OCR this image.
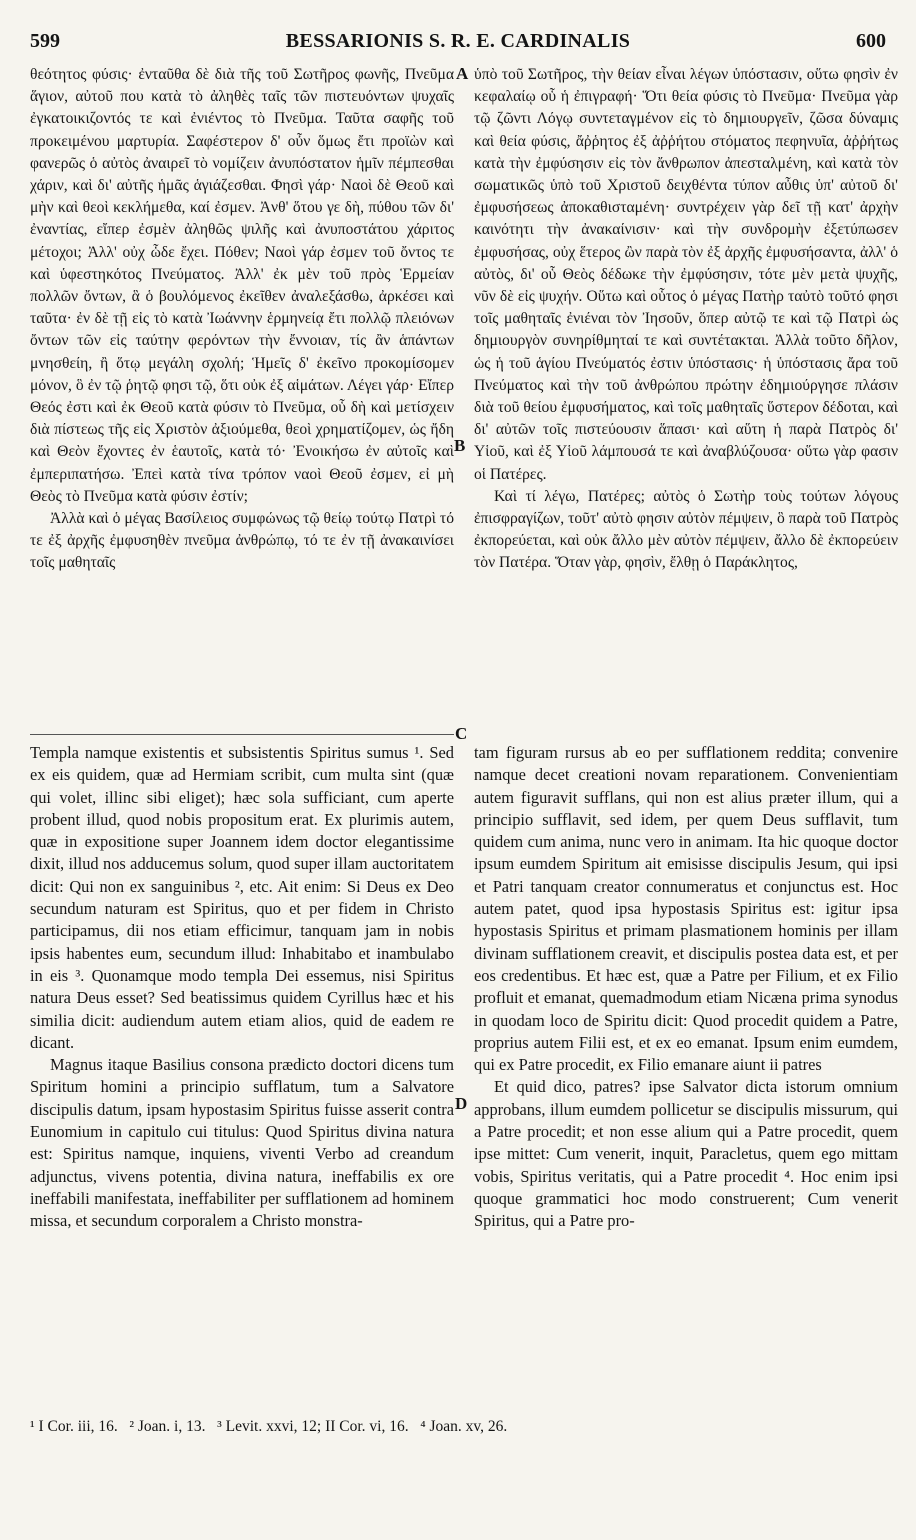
599	BESSARIONIS S. R. E. CARDINALIS	600

θεότητος φύσις· ἐνταῦθα δὲ διὰ τῆς τοῦ Σωτῆρος φωνῆς, Πνεῦμα ἅγιον, αὐτοῦ που κατὰ τὸ ἀληθὲς ταῖς τῶν πιστευόντων ψυχαῖς ἐγκατοικιζοντός τε καὶ ἐνιέντος τὸ Πνεῦμα. Ταῦτα σαφῆς τοῦ προκειμένου μαρτυρία. Σαφέστερον δ' οὖν ὅμως ἔτι προϊὼν καὶ φανερῶς ὁ αὐτὸς ἀναιρεῖ τὸ νομίζειν ἀνυπόστατον ἡμῖν πέμπεσθαι χάριν, καὶ δι' αὐτῆς ἡμᾶς ἁγιάζεσθαι. Φησὶ γάρ· Ναοὶ δὲ Θεοῦ καὶ μὴν καὶ θεοὶ κεκλήμεθα, καί ἐσμεν. Ἀνθ' ὅτου γε δὴ, πύθου τῶν δι' ἐναντίας, εἴπερ ἐσμὲν ἀληθῶς ψιλῆς καὶ ἀνυποστάτου χάριτος μέτοχοι; Ἀλλ' οὐχ ὧδε ἔχει. Πόθεν; Ναοὶ γάρ ἐσμεν τοῦ ὄντος τε καὶ ὑφεστηκότος Πνεύματος. Ἀλλ' ἐκ μὲν τοῦ πρὸς Ἑρμείαν πολλῶν ὄντων, ἃ ὁ βουλόμενος ἐκεῖθεν ἀναλεξάσθω, ἀρκέσει καὶ ταῦτα· ἐν δὲ τῇ εἰς τὸ κατὰ Ἰωάννην ἑρμηνείᾳ ἔτι πολλῷ πλειόνων ὄντων τῶν εἰς ταύτην φερόντων τὴν ἔννοιαν, τίς ἂν ἁπάντων μνησθείη, ἢ ὅτῳ μεγάλη σχολή; Ἡμεῖς δ' ἐκεῖνο προκομίσομεν μόνον, ὃ ἐν τῷ ῥητῷ φησι τῷ, ὅτι οὐκ ἐξ αἱμάτων. Λέγει γάρ· Εἴπερ Θεός ἐστι καὶ ἐκ Θεοῦ κατὰ φύσιν τὸ Πνεῦμα, οὗ δὴ καὶ μετίσχειν διὰ πίστεως τῆς εἰς Χριστὸν ἀξιούμεθα, θεοὶ χρηματίζομεν, ὡς ἤδη καὶ Θεὸν ἔχοντες ἐν ἑαυτοῖς, κατὰ τό· Ἐνοικήσω ἐν αὐτοῖς καὶ ἐμπεριπατήσω. Ἐπεὶ κατὰ τίνα τρόπον ναοὶ Θεοῦ ἐσμεν, εἰ μὴ Θεὸς τὸ Πνεῦμα κατὰ φύσιν ἐστίν;

Ἀλλὰ καὶ ὁ μέγας Βασίλειος συμφώνως τῷ θείῳ τούτῳ Πατρὶ τό τε ἐξ ἀρχῆς ἐμφυσηθὲν πνεῦμα ἀνθρώπῳ, τό τε ἐν τῇ ἀνακαινίσει τοῖς μαθηταῖς

ὑπὸ τοῦ Σωτῆρος, τὴν θείαν εἶναι λέγων ὑπόστασιν, οὕτω φησὶν ἐν κεφαλαίῳ οὗ ἡ ἐπιγραφή· Ὅτι θεία φύσις τὸ Πνεῦμα· Πνεῦμα γὰρ τῷ ζῶντι Λόγῳ συντεταγμένον εἰς τὸ δημιουργεῖν, ζῶσα δύναμις καὶ θεία φύσις, ἄῤῥητος ἐξ ἀῤῥήτου στόματος πεφηνυῖα, ἀῤῥήτως κατὰ τὴν ἐμφύσησιν εἰς τὸν ἄνθρωπον ἀπεσταλμένη, καὶ κατὰ τὸν σωματικῶς ὑπὸ τοῦ Χριστοῦ δειχθέντα τύπον αὖθις ὑπ' αὐτοῦ δι' ἐμφυσήσεως ἀποκαθισταμένη· συντρέχειν γὰρ δεῖ τῇ κατ' ἀρχὴν καινότητι τὴν ἀνακαίνισιν· καὶ τὴν συνδρομὴν ἐξετύπωσεν ἐμφυσήσας, οὐχ ἕτερος ὢν παρὰ τὸν ἐξ ἀρχῆς ἐμφυσήσαντα, ἀλλ' ὁ αὐτὸς, δι' οὗ Θεὸς δέδωκε τὴν ἐμφύσησιν, τότε μὲν μετὰ ψυχῆς, νῦν δὲ εἰς ψυχήν. Οὕτω καὶ οὗτος ὁ μέγας Πατὴρ ταὐτὸ τοῦτό φησι τοῖς μαθηταῖς ἐνιέναι τὸν Ἰησοῦν, ὅπερ αὐτῷ τε καὶ τῷ Πατρὶ ὡς δημιουργὸν συνηρίθμηταί τε καὶ συντέτακται. Ἀλλὰ τοῦτο δῆλον, ὡς ἡ τοῦ ἁγίου Πνεύματός ἐστιν ὑπόστασις· ἡ ὑπόστασις ἄρα τοῦ Πνεύματος καὶ τὴν τοῦ ἀνθρώπου πρώτην ἐδημιούργησε πλάσιν διὰ τοῦ θείου ἐμφυσήματος, καὶ τοῖς μαθηταῖς ὕστερον δέδοται, καὶ δι' αὐτῶν τοῖς πιστεύουσιν ἅπασι· καὶ αὕτη ἡ παρὰ Πατρὸς δι' Υἱοῦ, καὶ ἐξ Υἱοῦ λάμπουσά τε καὶ ἀναβλύζουσα· οὕτω γὰρ φασιν οἱ Πατέρες.

Καὶ τί λέγω, Πατέρες; αὐτὸς ὁ Σωτὴρ τοὺς τούτων λόγους ἐπισφραγίζων, τοῦτ' αὐτὸ φησιν αὐτὸν πέμψειν, ὃ παρὰ τοῦ Πατρὸς ἐκπορεύεται, καὶ οὐκ ἄλλο μὲν αὐτὸν πέμψειν, ἄλλο δὲ ἐκπορεύειν τὸν Πατέρα. Ὅταν γὰρ, φησὶν, ἔλθῃ ὁ Παράκλητος,

A
B
C
D

Templa namque existentis et subsistentis Spiritus sumus ¹. Sed ex eis quidem, quæ ad Hermiam scribit, cum multa sint (quæ qui volet, illinc sibi eliget); hæc sola sufficiant, cum aperte probent illud, quod nobis propositum erat. Ex plurimis autem, quæ in expositione super Joannem idem doctor elegantissime dixit, illud nos adducemus solum, quod super illam auctoritatem dicit: Qui non ex sanguinibus ², etc. Ait enim: Si Deus ex Deo secundum naturam est Spiritus, quo et per fidem in Christo participamus, dii nos etiam efficimur, tanquam jam in nobis ipsis habentes eum, secundum illud: Inhabitabo et inambulabo in eis ³. Quonamque modo templa Dei essemus, nisi Spiritus natura Deus esset? Sed beatissimus quidem Cyrillus hæc et his similia dicit: audiendum autem etiam alios, quid de eadem re dicant.

Magnus itaque Basilius consona prædicto doctori dicens tum Spiritum homini a principio sufflatum, tum a Salvatore discipulis datum, ipsam hypostasim Spiritus fuisse asserit contra Eunomium in capitulo cui titulus: Quod Spiritus divina natura est: Spiritus namque, inquiens, viventi Verbo ad creandum adjunctus, vivens potentia, divina natura, ineffabilis ex ore ineffabili manifestata, ineffabiliter per sufflationem ad hominem missa, et secundum corporalem a Christo monstra-

tam figuram rursus ab eo per sufflationem reddita; convenire namque decet creationi novam reparationem. Convenientiam autem figuravit sufflans, qui non est alius præter illum, qui a principio sufflavit, sed idem, per quem Deus sufflavit, tum quidem cum anima, nunc vero in animam. Ita hic quoque doctor ipsum eumdem Spiritum ait emisisse discipulis Jesum, qui ipsi et Patri tanquam creator connumeratus et conjunctus est. Hoc autem patet, quod ipsa hypostasis Spiritus est: igitur ipsa hypostasis Spiritus et primam plasmationem hominis per illam divinam sufflationem creavit, et discipulis postea data est, et per eos credentibus. Et hæc est, quæ a Patre per Filium, et ex Filio profluit et emanat, quemadmodum etiam Nicæna prima synodus in quodam loco de Spiritu dicit: Quod procedit quidem a Patre, proprius autem Filii est, et ex eo emanat. Ipsum enim eumdem, qui ex Patre procedit, ex Filio emanare aiunt ii patres

Et quid dico, patres? ipse Salvator dicta istorum omnium approbans, illum eumdem pollicetur se discipulis missurum, qui a Patre procedit; et non esse alium qui a Patre procedit, quem ipse mittet: Cum venerit, inquit, Paracletus, quem ego mittam vobis, Spiritus veritatis, qui a Patre procedit ⁴. Hoc enim ipsi quoque grammatici hoc modo construerent; Cum venerit Spiritus, qui a Patre pro-

¹ I Cor. iii, 16.   ² Joan. i, 13.   ³ Levit. xxvi, 12; II Cor. vi, 16.   ⁴ Joan. xv, 26.
